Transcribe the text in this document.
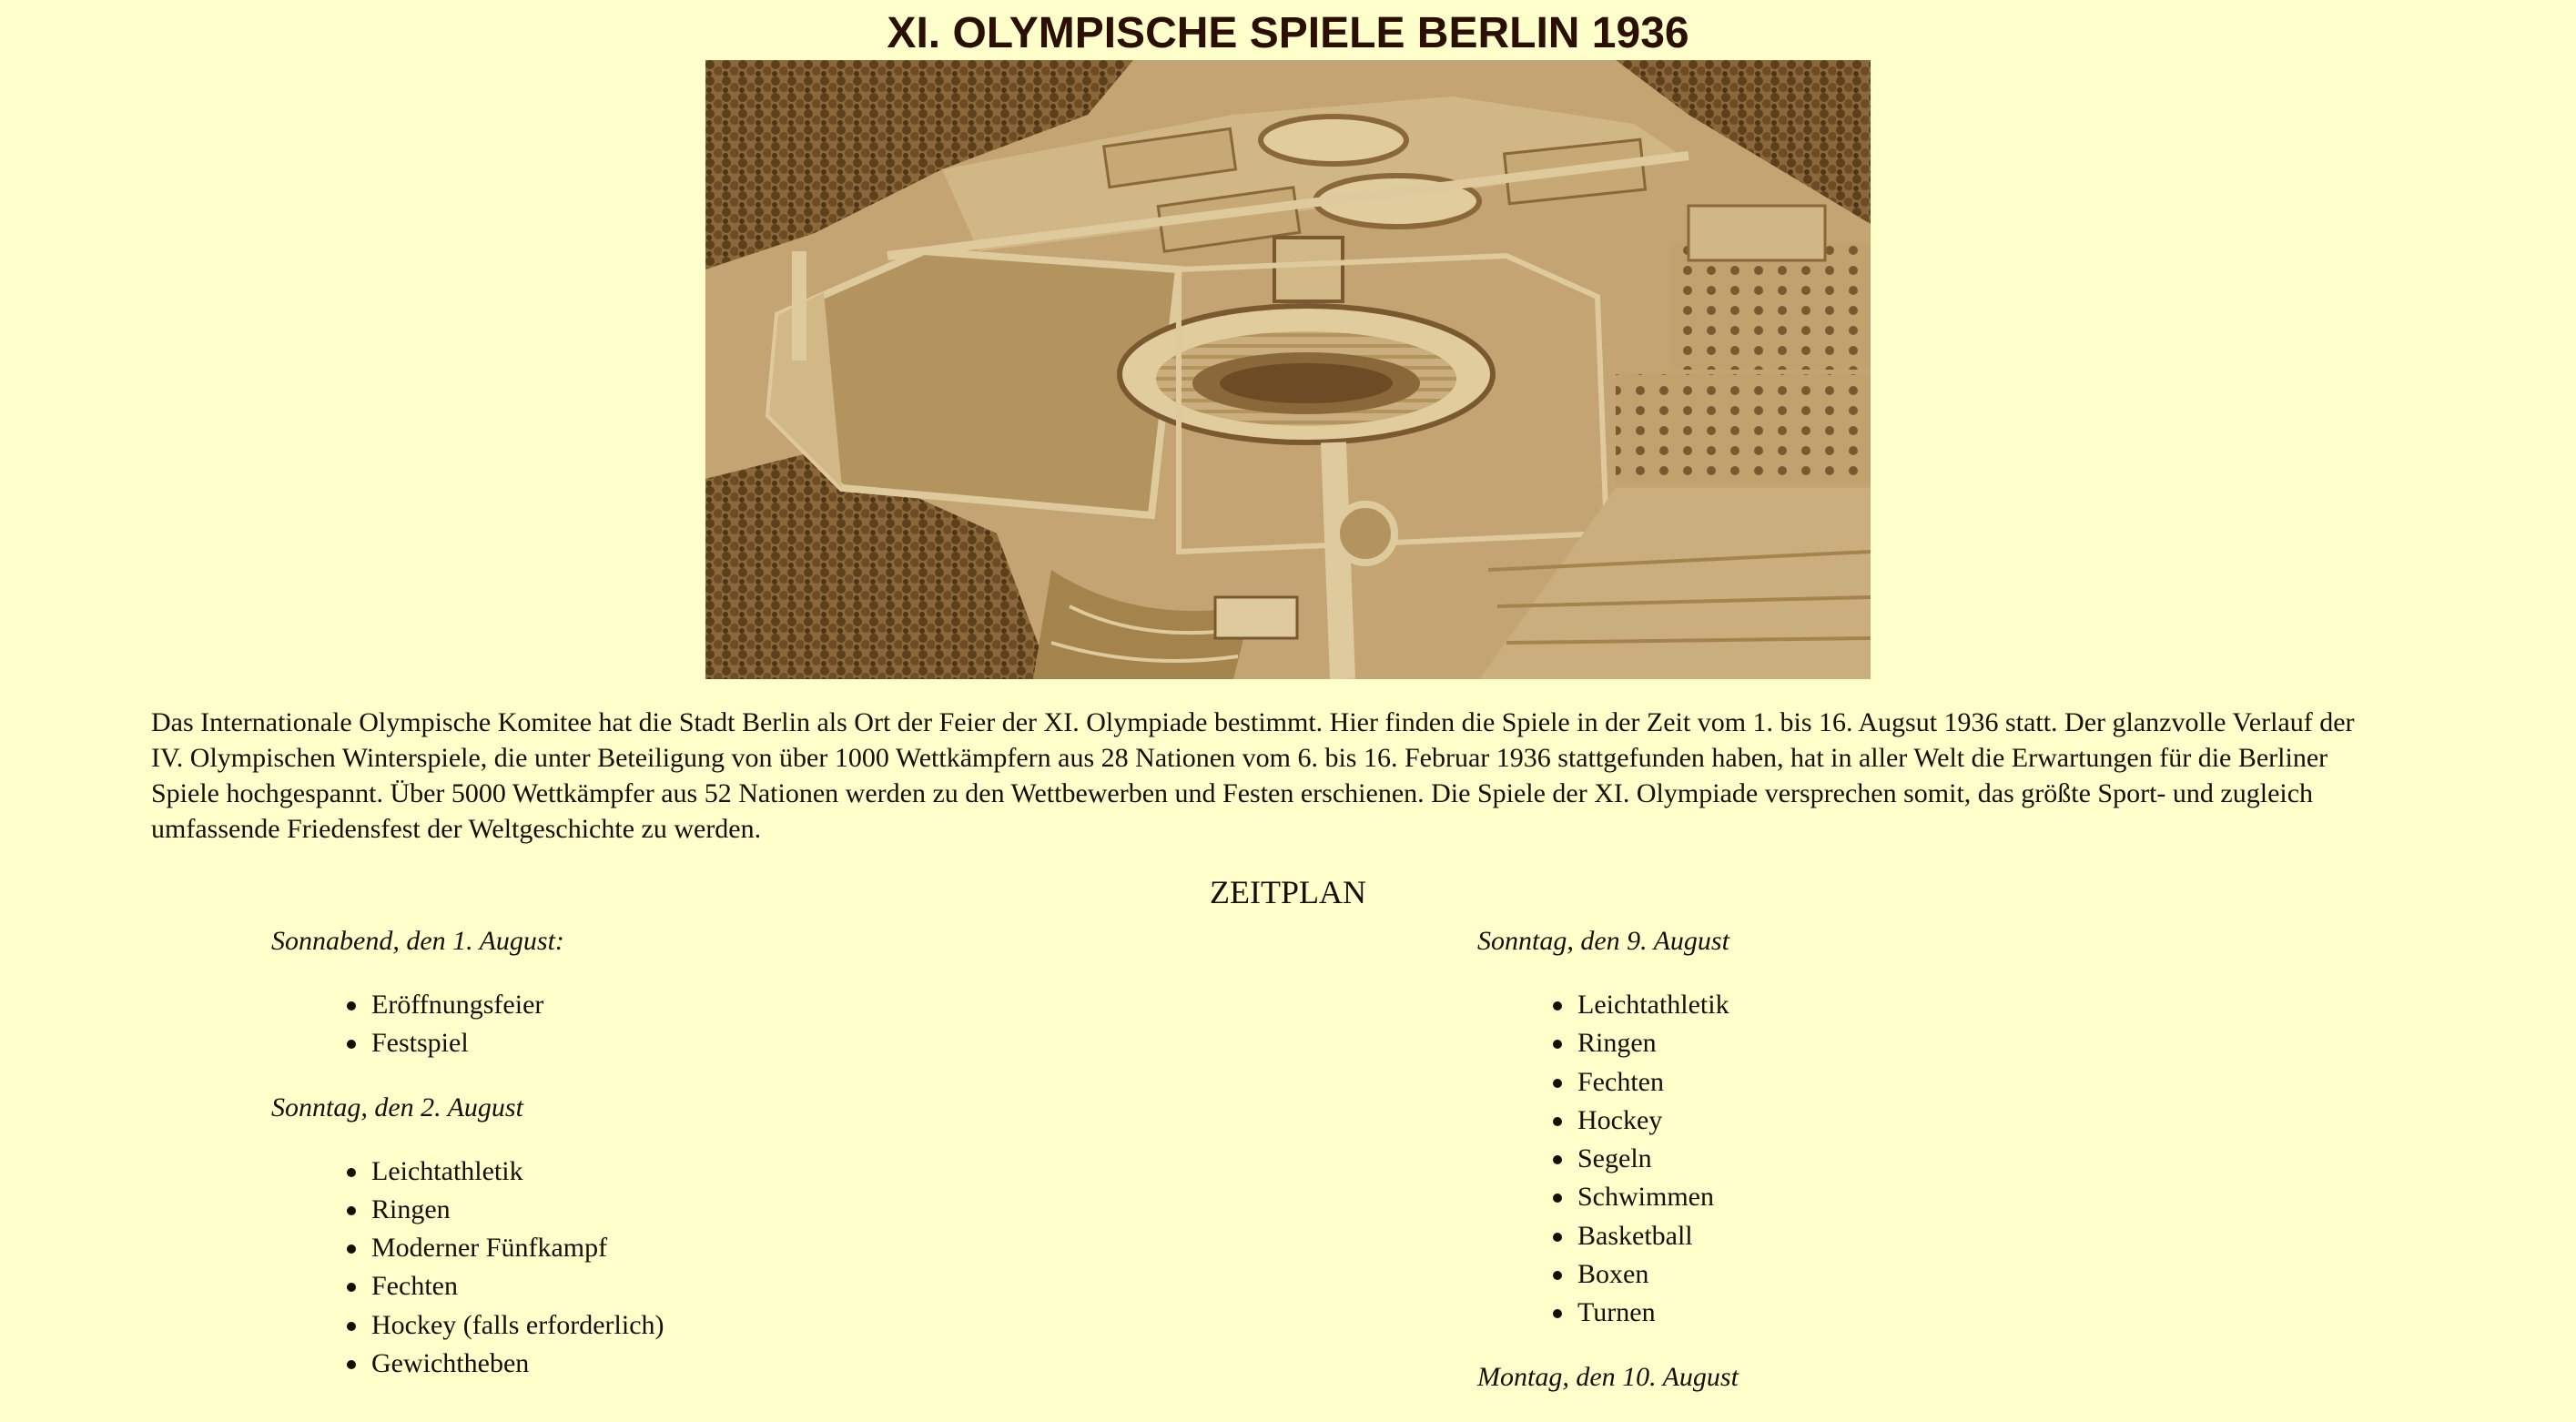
XI. OLYMPISCHE SPIELE BERLIN 1936

Das Internationale Olympische Komitee hat die Stadt Berlin als Ort der Feier der XI. Olympiade bestimmt. Hier finden die Spiele in der Zeit vom 1. bis 16. Augsut 1936 statt. Der glanzvolle Verlauf der IV. Olympischen Winterspiele, die unter Beteiligung von über 1000 Wettkämpfern aus 28 Nationen vom 6. bis 16. Februar 1936 stattgefunden haben, hat in aller Welt die Erwartungen für die Berliner Spiele hochgespannt. Über 5000 Wettkämpfer aus 52 Nationen werden zu den Wettbewerben und Festen erschienen. Die Spiele der XI. Olympiade versprechen somit, das größte Sport- und zugleich umfassende Friedensfest der Weltgeschichte zu werden.

ZEITPLAN

Sonnabend, den 1. August:

Eröffnungsfeier
Festspiel

Sonntag, den 2. August

Leichtathletik
Ringen
Moderner Fünfkampf
Fechten
Hockey (falls erforderlich)
Gewichtheben

Sonntag, den 9. August

Leichtathletik
Ringen
Fechten
Hockey
Segeln
Schwimmen
Basketball
Boxen
Turnen

Montag, den 10. August
